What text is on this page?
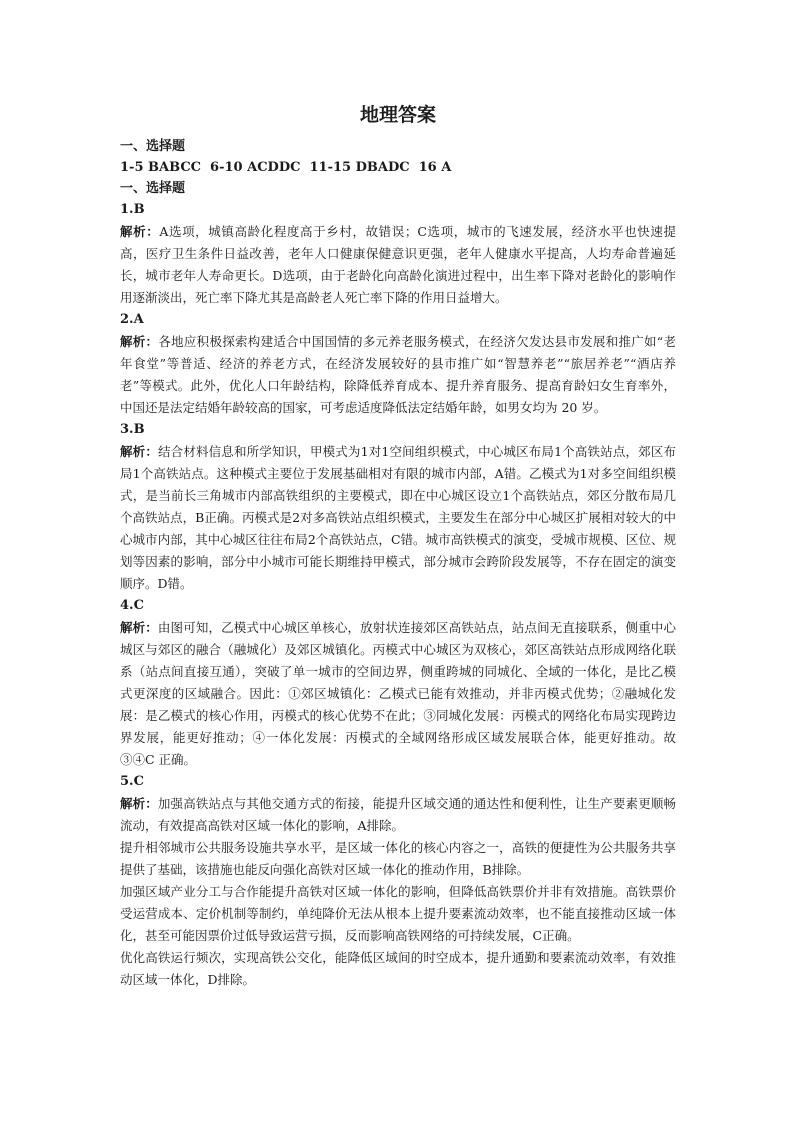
地理答案

一、选择题

1-5 BABCC  6-10 ACDDC  11-15 DBADC  16 A

一、选择题

1.B

解析：A选项，城镇高龄化程度高于乡村，故错误；C选项，城市的飞速发展，经济水平也快速提高，医疗卫生条件日益改善，老年人口健康保健意识更强，老年人健康水平提高，人均寿命普遍延长，城市老年人寿命更长。D选项，由于老龄化向高龄化演进过程中，出生率下降对老龄化的影响作用逐渐淡出，死亡率下降尤其是高龄老人死亡率下降的作用日益增大。

2.A

解析：各地应积极探索构建适合中国国情的多元养老服务模式，在经济欠发达县市发展和推广如“老年食堂”等普适、经济的养老方式，在经济发展较好的县市推广如“智慧养老”“旅居养老”“酒店养老”等模式。此外，优化人口年龄结构，除降低养育成本、提升养育服务、提高育龄妇女生育率外，中国还是法定结婚年龄较高的国家，可考虑适度降低法定结婚年龄，如男女均为 20 岁。

3.B

解析：结合材料信息和所学知识，甲模式为1对1空间组织模式，中心城区布局1个高铁站点，郊区布局1个高铁站点。这种模式主要位于发展基础相对有限的城市内部，A错。乙模式为1对多空间组织模式，是当前长三角城市内部高铁组织的主要模式，即在中心城区设立1个高铁站点，郊区分散布局几个高铁站点，B正确。丙模式是2对多高铁站点组织模式，主要发生在部分中心城区扩展相对较大的中心城市内部，其中心城区往往布局2个高铁站点，C错。城市高铁模式的演变，受城市规模、区位、规划等因素的影响，部分中小城市可能长期维持甲模式，部分城市会跨阶段发展等，不存在固定的演变顺序。D错。

4.C

解析：由图可知，乙模式中心城区单核心，放射状连接郊区高铁站点，站点间无直接联系，侧重中心城区与郊区的融合（融城化）及郊区城镇化。丙模式中心城区为双核心，郊区高铁站点形成网络化联系（站点间直接互通），突破了单一城市的空间边界，侧重跨城的同城化、全域的一体化，是比乙模式更深度的区域融合。因此：①郊区城镇化：乙模式已能有效推动，并非丙模式优势；②融城化发展：是乙模式的核心作用，丙模式的核心优势不在此；③同城化发展：丙模式的网络化布局实现跨边界发展，能更好推动；④一体化发展：丙模式的全域网络形成区域发展联合体，能更好推动。故③④C 正确。

5.C

解析：加强高铁站点与其他交通方式的衔接，能提升区域交通的通达性和便利性，让生产要素更顺畅流动，有效提高高铁对区域一体化的影响，A排除。

提升相邻城市公共服务设施共享水平，是区域一体化的核心内容之一，高铁的便捷性为公共服务共享提供了基础，该措施也能反向强化高铁对区域一体化的推动作用，B排除。

加强区域产业分工与合作能提升高铁对区域一体化的影响，但降低高铁票价并非有效措施。高铁票价受运营成本、定价机制等制约，单纯降价无法从根本上提升要素流动效率，也不能直接推动区域一体化，甚至可能因票价过低导致运营亏损，反而影响高铁网络的可持续发展，C正确。

优化高铁运行频次，实现高铁公交化，能降低区域间的时空成本，提升通勤和要素流动效率，有效推动区域一体化，D排除。
